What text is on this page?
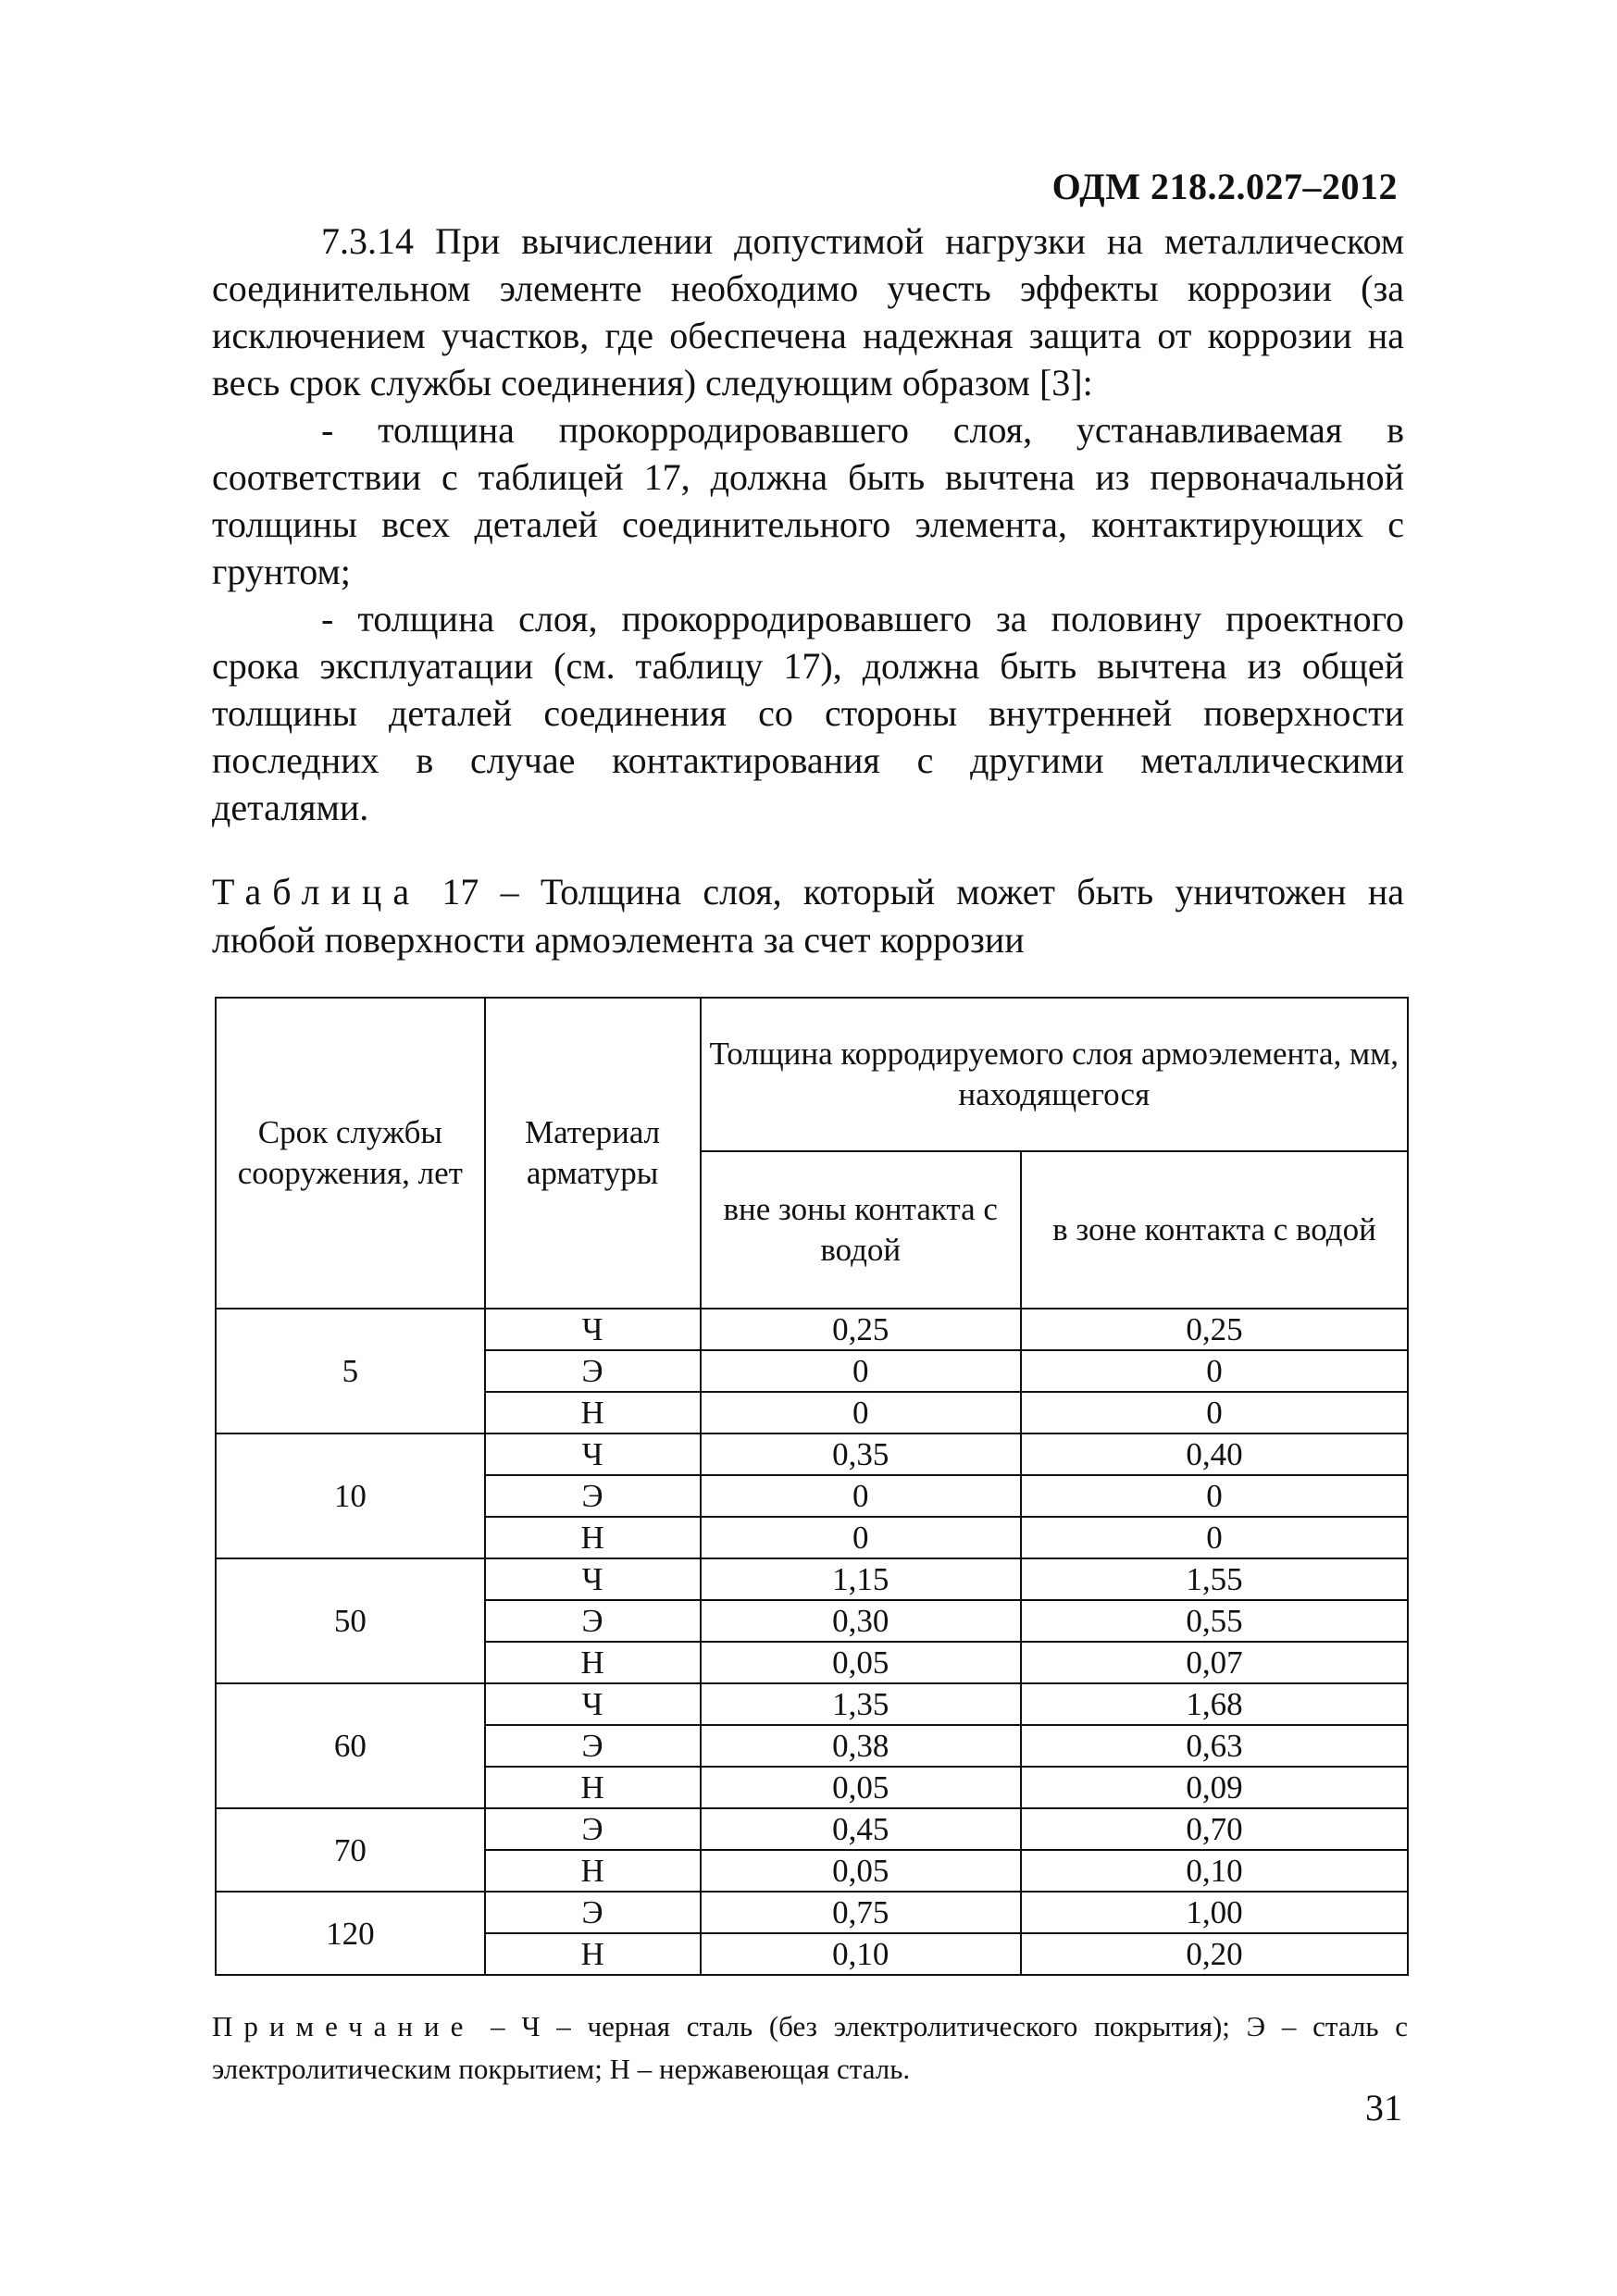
ОДМ 218.2.027–2012

7.3.14 При вычислении допустимой нагрузки на металлическом соединительном элементе необходимо учесть эффекты коррозии (за исключением участков, где обеспечена надежная защита от коррозии на весь срок службы соединения) следующим образом [3]:

- толщина прокорродировавшего слоя, устанавливаемая в соответствии с таблицей 17, должна быть вычтена из первоначальной толщины всех деталей соединительного элемента, контактирующих с грунтом;

- толщина слоя, прокорродировавшего за половину проектного срока эксплуатации (см. таблицу 17), должна быть вычтена из общей толщины деталей соединения со стороны внутренней поверхности последних в случае контактирования с другими металлическими деталями.

Таблица 17 – Толщина слоя, который может быть уничтожен на любой поверхности армоэлемента за счет коррозии
Срок службы сооружения, лет	Материал арматуры	Толщина корродируемого слоя армоэлемента, мм, находящегося	
		вне зоны контакта с водой	в зоне контакта с водой
5	Ч	0,25	0,25
	Э	0	0
	Н	0	0
10	Ч	0,35	0,40
	Э	0	0
	Н	0	0
50	Ч	1,15	1,55
	Э	0,30	0,55
	Н	0,05	0,07
60	Ч	1,35	1,68
	Э	0,38	0,63
	Н	0,05	0,09
70	Э	0,45	0,70
	Н	0,05	0,10
120	Э	0,75	1,00
	Н	0,10	0,20
Примечание – Ч – черная сталь (без электролитического покрытия); Э – сталь с электролитическим покрытием; Н – нержавеющая сталь.
31
